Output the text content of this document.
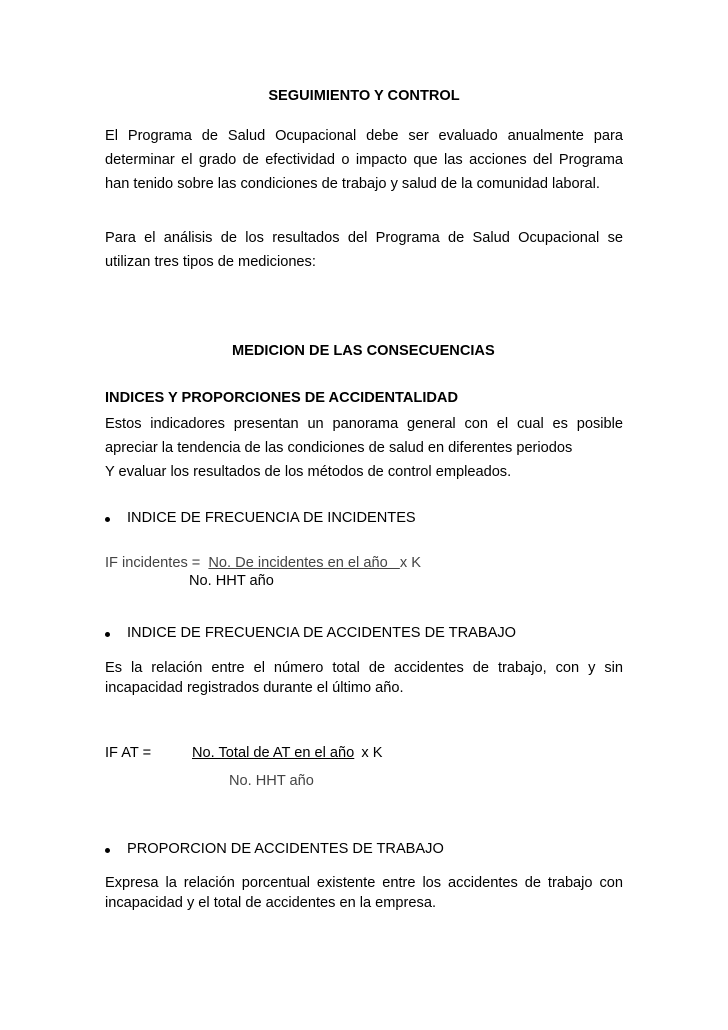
SEGUIMIENTO Y CONTROL
El Programa de Salud Ocupacional debe ser evaluado anualmente para
determinar el grado de efectividad o impacto que las acciones del Programa
han tenido sobre las condiciones de trabajo y salud de la comunidad laboral.
Para el análisis de los resultados del Programa de Salud Ocupacional se
utilizan tres tipos de mediciones:
MEDICION DE LAS CONSECUENCIAS
INDICES Y PROPORCIONES DE ACCIDENTALIDAD
Estos indicadores presentan un panorama general con el cual es posible
apreciar la tendencia de las condiciones de salud en diferentes periodos
Y evaluar los resultados de los métodos de control empleados.
INDICE DE FRECUENCIA DE INCIDENTES
IF incidentes = No. De incidentes en el año   x K
No. HHT año
INDICE DE FRECUENCIA DE ACCIDENTES DE TRABAJO
Es la relación entre el número total de accidentes de trabajo, con y sin
incapacidad registrados durante el último año.
IF AT =	No. Total de AT en el año x K
No. HHT año
PROPORCION DE ACCIDENTES DE TRABAJO
Expresa la relación porcentual existente entre los accidentes de trabajo con
incapacidad y el total de accidentes en la empresa.
